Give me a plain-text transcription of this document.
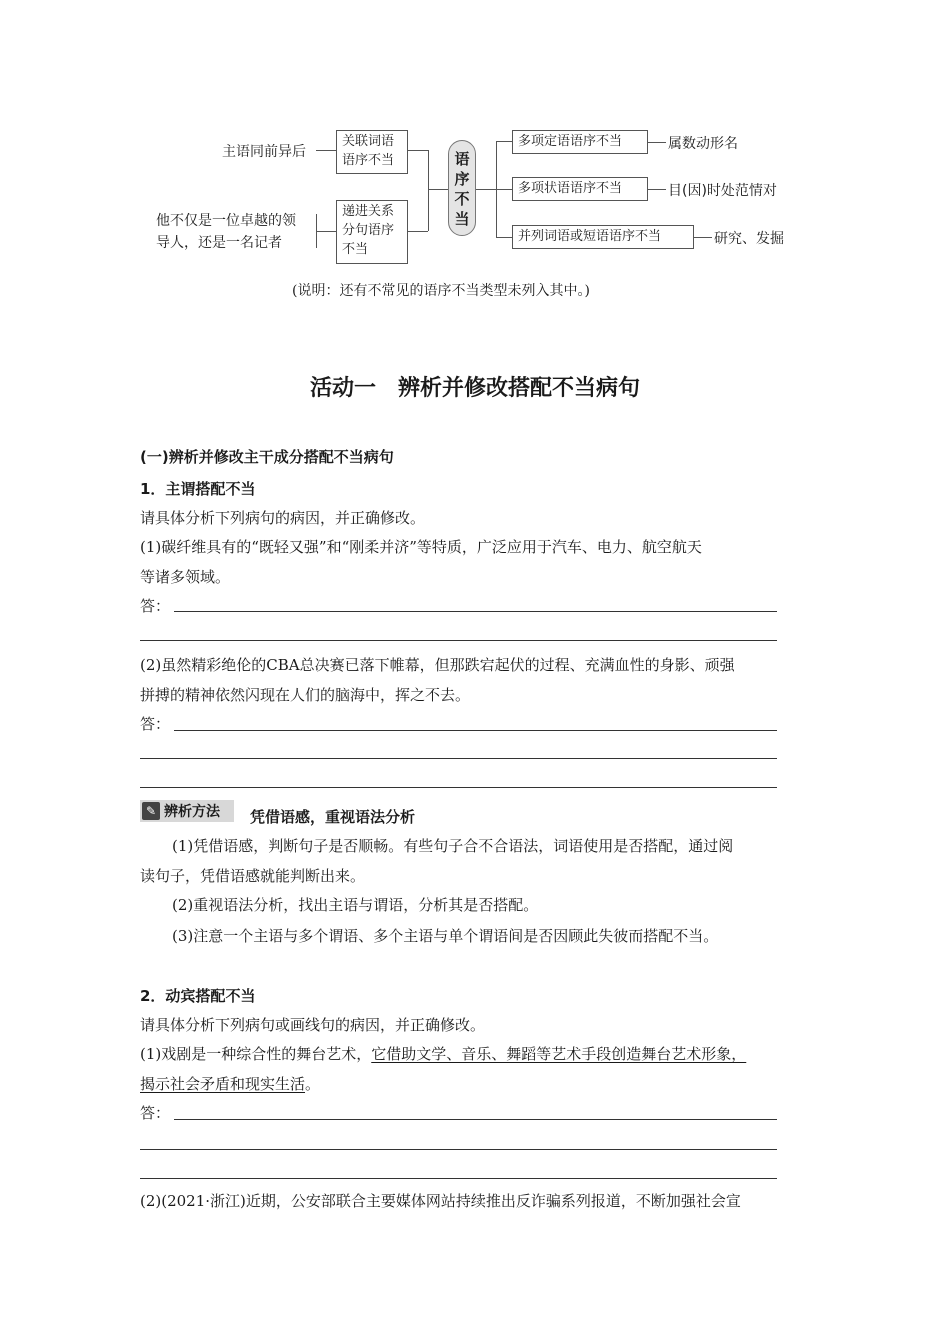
主语同前异后
他不仅是一位卓越的领
导人，还是一名记者
关联词语
语序不当
递进关系
分句语序
不当
语
序
不
当
多项定语语序不当	属数动形名
多项状语语序不当	目(因)时处范情对
并列词语或短语语序不当	研究、发掘
(说明：还有不常见的语序不当类型未列入其中。)
活动一　辨析并修改搭配不当病句
(一)辨析并修改主干成分搭配不当病句
1．主谓搭配不当
请具体分析下列病句的病因，并正确修改。
(1)碳纤维具有的“既轻又强”和“刚柔并济”等特质，广泛应用于汽车、电力、航空航天
等诸多领域。
答：
(2)虽然精彩绝伦的CBA总决赛已落下帷幕，但那跌宕起伏的过程、充满血性的身影、顽强
拼搏的精神依然闪现在人们的脑海中，挥之不去。
答：
✎ 辨析方法 凭借语感，重视语法分析
(1)凭借语感，判断句子是否顺畅。有些句子合不合语法，词语使用是否搭配，通过阅
读句子，凭借语感就能判断出来。
(2)重视语法分析，找出主语与谓语，分析其是否搭配。
(3)注意一个主语与多个谓语、多个主语与单个谓语间是否因顾此失彼而搭配不当。
2．动宾搭配不当
请具体分析下列病句或画线句的病因，并正确修改。
(1)戏剧是一种综合性的舞台艺术，它借助文学、音乐、舞蹈等艺术手段创造舞台艺术形象，
揭示社会矛盾和现实生活。
答：
(2)(2021·浙江)近期，公安部联合主要媒体网站持续推出反诈骗系列报道，不断加强社会宣
